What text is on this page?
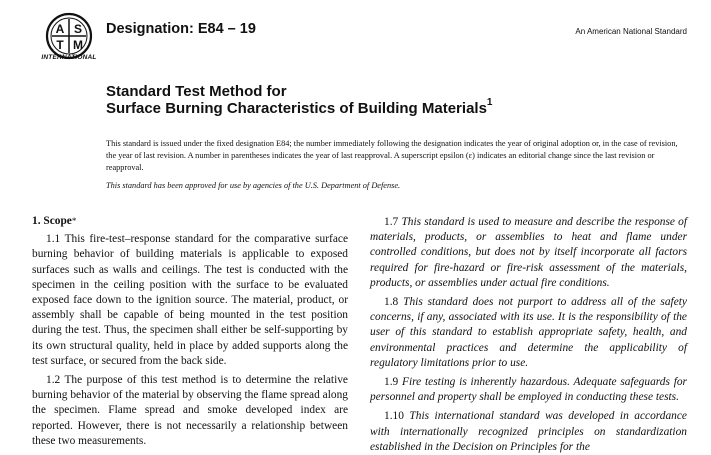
A S
T M
INTERNATIONAL
Designation: E84 – 19	An American National Standard
Standard Test Method for
Surface Burning Characteristics of Building Materials$^1$
This standard is issued under the fixed designation E84; the number immediately following the designation indicates the year of original adoption or, in the case of revision, the year of last revision. A number in parentheses indicates the year of last reapproval. A superscript epsilon (ε) indicates an editorial change since the last revision or reapproval.
This standard has been approved for use by agencies of the U.S. Department of Defense.
1. Scope*

1.1 This fire-test–response standard for the comparative surface burning behavior of building materials is applicable to exposed surfaces such as walls and ceilings. The test is conducted with the specimen in the ceiling position with the surface to be evaluated exposed face down to the ignition source. The material, product, or assembly shall be capable of being mounted in the test position during the test. Thus, the specimen shall either be self-supporting by its own structural quality, held in place by added supports along the test surface, or secured from the back side.

1.2 The purpose of this test method is to determine the relative burning behavior of the material by observing the flame spread along the specimen. Flame spread and smoke developed index are reported. However, there is not necessarily a relationship between these two measurements.

1.7 This standard is used to measure and describe the response of materials, products, or assemblies to heat and flame under controlled conditions, but does not by itself incorporate all factors required for fire-hazard or fire-risk assessment of the materials, products, or assemblies under actual fire conditions.

1.8 This standard does not purport to address all of the safety concerns, if any, associated with its use. It is the responsibility of the user of this standard to establish appropriate safety, health, and environmental practices and determine the applicability of regulatory limitations prior to use.

1.9 Fire testing is inherently hazardous. Adequate safeguards for personnel and property shall be employed in conducting these tests.

1.10 This international standard was developed in accordance with internationally recognized principles on standardization established in the Decision on Principles for the
